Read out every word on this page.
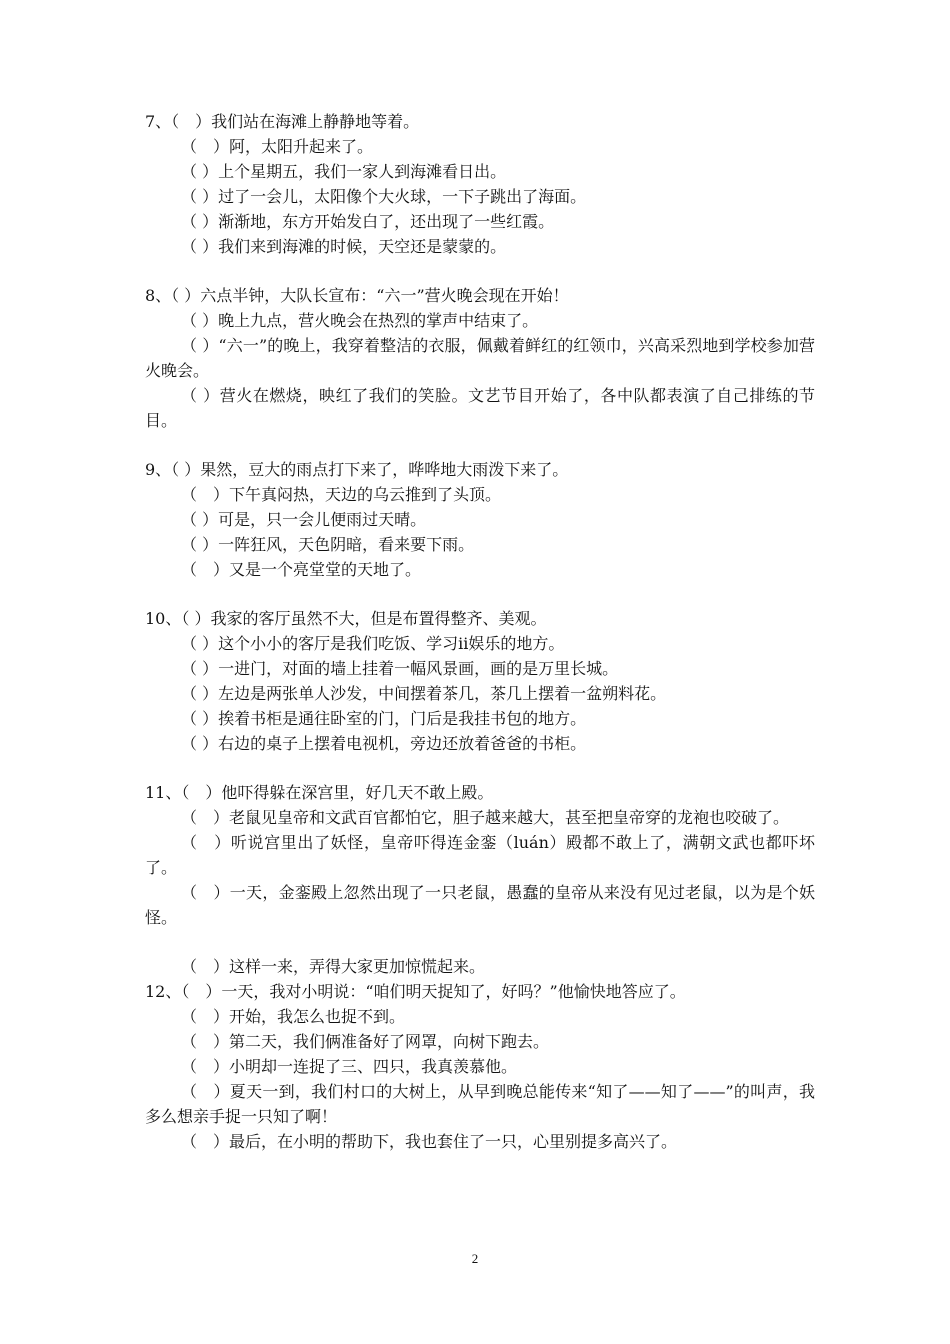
7、（　）我们站在海滩上静静地等着。
（　）阿，太阳升起来了。
（ ）上个星期五，我们一家人到海滩看日出。
（ ）过了一会儿，太阳像个大火球，一下子跳出了海面。
（ ）渐渐地，东方开始发白了，还出现了一些红霞。
（ ）我们来到海滩的时候，天空还是蒙蒙的。
8、（ ）六点半钟，大队长宣布：“六一”营火晚会现在开始！
（ ）晚上九点，营火晚会在热烈的掌声中结束了。
（ ）“六一”的晚上，我穿着整洁的衣服，佩戴着鲜红的红领巾，兴高采烈地到学校参加营火晚会。
（ ）营火在燃烧，映红了我们的笑脸。文艺节目开始了，各中队都表演了自己排练的节目。
9、（ ）果然，豆大的雨点打下来了，哗哗地大雨泼下来了。
（　）下午真闷热，天边的乌云推到了头顶。
（ ）可是，只一会儿便雨过天晴。
（ ）一阵狂风，天色阴暗，看来要下雨。
（　）又是一个亮堂堂的天地了。
10、（ ）我家的客厅虽然不大，但是布置得整齐、美观。
（ ）这个小小的客厅是我们吃饭、学习ii娱乐的地方。
（ ）一进门，对面的墙上挂着一幅风景画，画的是万里长城。
（ ）左边是两张单人沙发，中间摆着茶几，茶几上摆着一盆朔料花。
（ ）挨着书柜是通往卧室的门，门后是我挂书包的地方。
（ ）右边的桌子上摆着电视机，旁边还放着爸爸的书柜。
11、（　）他吓得躲在深宫里，好几天不敢上殿。
（　）老鼠见皇帝和文武百官都怕它，胆子越来越大，甚至把皇帝穿的龙袍也咬破了。
（　）听说宫里出了妖怪，皇帝吓得连金銮（luán）殿都不敢上了，满朝文武也都吓坏了。
（　）一天，金銮殿上忽然出现了一只老鼠，愚蠢的皇帝从来没有见过老鼠，以为是个妖怪。
（　）这样一来，弄得大家更加惊慌起来。
12、（　）一天，我对小明说：“咱们明天捉知了，好吗？”他愉快地答应了。
（　）开始，我怎么也捉不到。
（　）第二天，我们俩准备好了网罩，向树下跑去。
（　）小明却一连捉了三、四只，我真羡慕他。
（　）夏天一到，我们村口的大树上，从早到晚总能传来“知了——知了——”的叫声，我多么想亲手捉一只知了啊！
（　）最后，在小明的帮助下，我也套住了一只，心里别提多高兴了。
2
